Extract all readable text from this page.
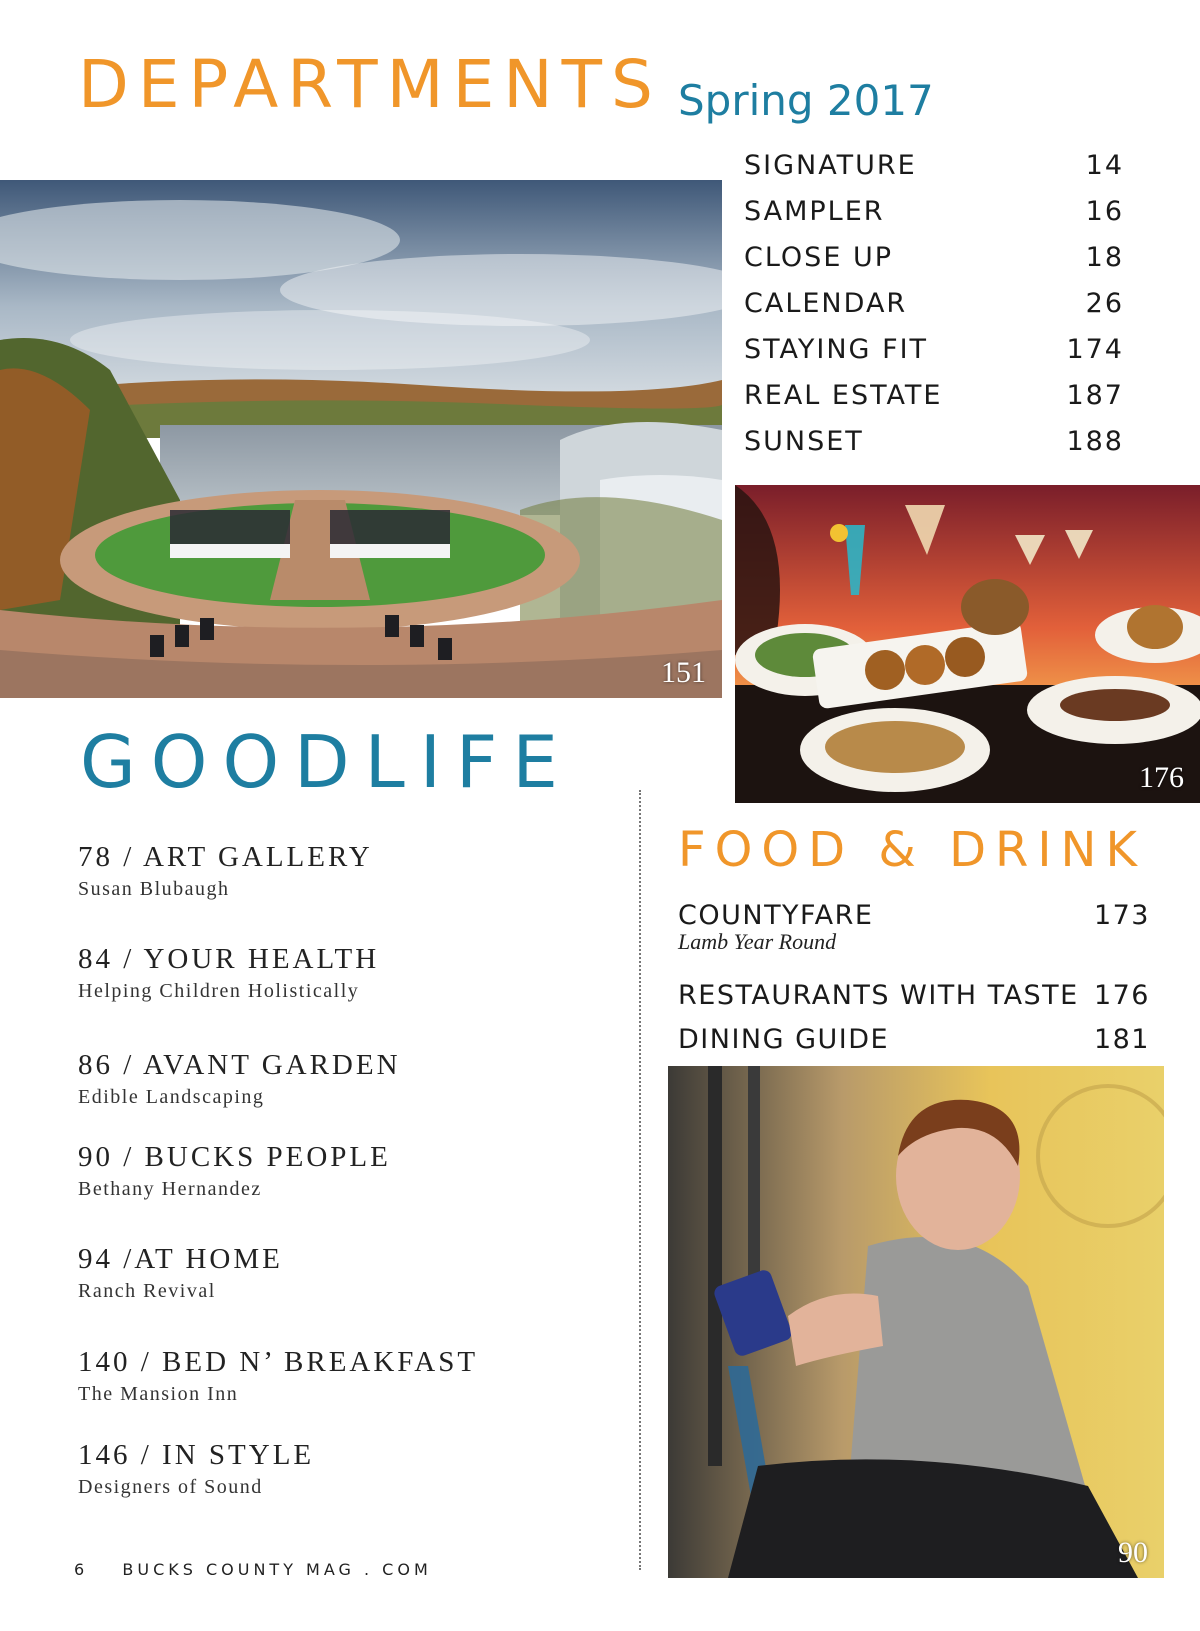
DEPARTMENTS Spring 2017
SIGNATURE	14
SAMPLER	16
CLOSE UP	18
CALENDAR	26
STAYING FIT	174
REAL ESTATE	187
SUNSET	188
151
176
90
GOODLIFE
78 / ART GALLERY
Susan Blubaugh
84 / YOUR HEALTH
Helping Children Holistically
86 / AVANT GARDEN
Edible Landscaping
90 / BUCKS PEOPLE
Bethany Hernandez
94 /AT HOME
Ranch Revival
140 / BED N’ BREAKFAST
The Mansion Inn
146 / IN STYLE
Designers of Sound
FOOD & DRINK
COUNTYFARE	173
Lamb Year Round
RESTAURANTS WITH TASTE 176
DINING GUIDE	181
6 BUCKS COUNTY MAG . COM
